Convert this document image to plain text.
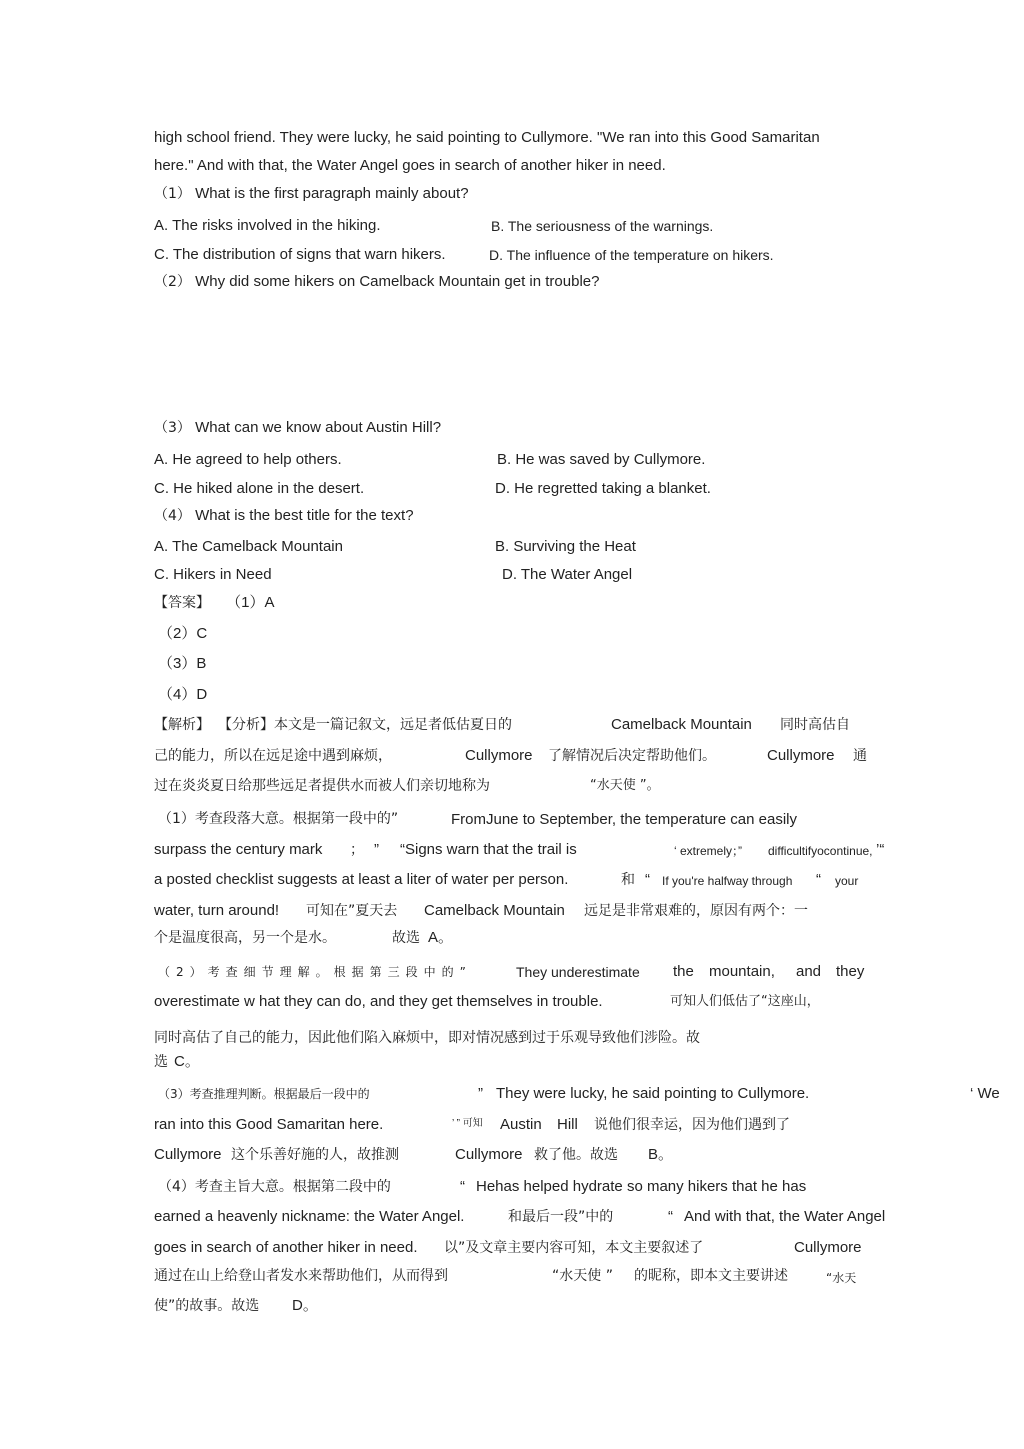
high school friend. They were lucky, he said pointing to Cullymore. "We ran into this Good Samaritan
here." And with that, the Water Angel goes in search of another hiker in need.
（1） What is the first paragraph mainly about?
A. The risks involved in the hiking.	B. The seriousness of the warnings.
C. The distribution of signs that warn hikers.	D. The influence of the temperature on hikers.
（2） Why did some hikers on Camelback Mountain get in trouble?
（3） What can we know about Austin Hill?
A. He agreed to help others.	B. He was saved by Cullymore.
C. He hiked alone in the desert.	D. He regretted taking a blanket.
（4） What is the best title for the text?
A. The Camelback Mountain	B. Surviving the Heat
C. Hikers in Need	D. The Water Angel
【答案】 （1）A
（2）C
（3）B
（4）D
【解析】 【分析】本文是一篇记叙文，远足者低估夏日的	Camelback Mountain 同时高估自
己的能力，所以在远足途中遇到麻烦，	Cullymore 了解情况后决定帮助他们。	Cullymore 通
过在炎炎夏日给那些远足者提供水而被人们亲切地称为	“水天使 ”。
（1）考查段落大意。根据第一段中的”	FromJune to September, the temperature can easily
surpass the century mark ； ” “Signs warn that the trail is	‘ extremely；” difficultifyocontinue, ’“
a posted checklist suggests at least a liter of water per person.	和 “ If you're halfway through “ your
water, turn around! 可知在”夏天去 Camelback Mountain 远足是非常艰难的，原因有两个：一
个是温度很高，另一个是水。	故选 A。
（2）考查细节理解。根据第三段中的”	They underestimate the mountain, and they
overestimate w hat they can do, and they get themselves in trouble.	可知人们低估了“这座山，
同时高估了自己的能力，因此他们陷入麻烦中，即对情况感到过于乐观导致他们涉险。故
选 C。
（3）考查推理判断。根据最后一段中的	” They were lucky, he said pointing to Cullymore.	‘ We
ran into this Good Samaritan here.	’ ” 可知 Austin Hill 说他们很幸运，因为他们遇到了
Cullymore 这个乐善好施的人，故推测	Cullymore 救了他。故选 B。
（4）考查主旨大意。根据第二段中的	“ Hehas helped hydrate so many hikers that he has
earned a heavenly nickname: the Water Angel.	和最后一段”中的	“ And with that, the Water Angel
goes in search of another hiker in need. 以”及文章主要内容可知，本文主要叙述了	Cullymore
通过在山上给登山者发水来帮助他们，从而得到	“水天使 ” 的昵称，即本文主要讲述	“水天
使”的故事。故选 D。
